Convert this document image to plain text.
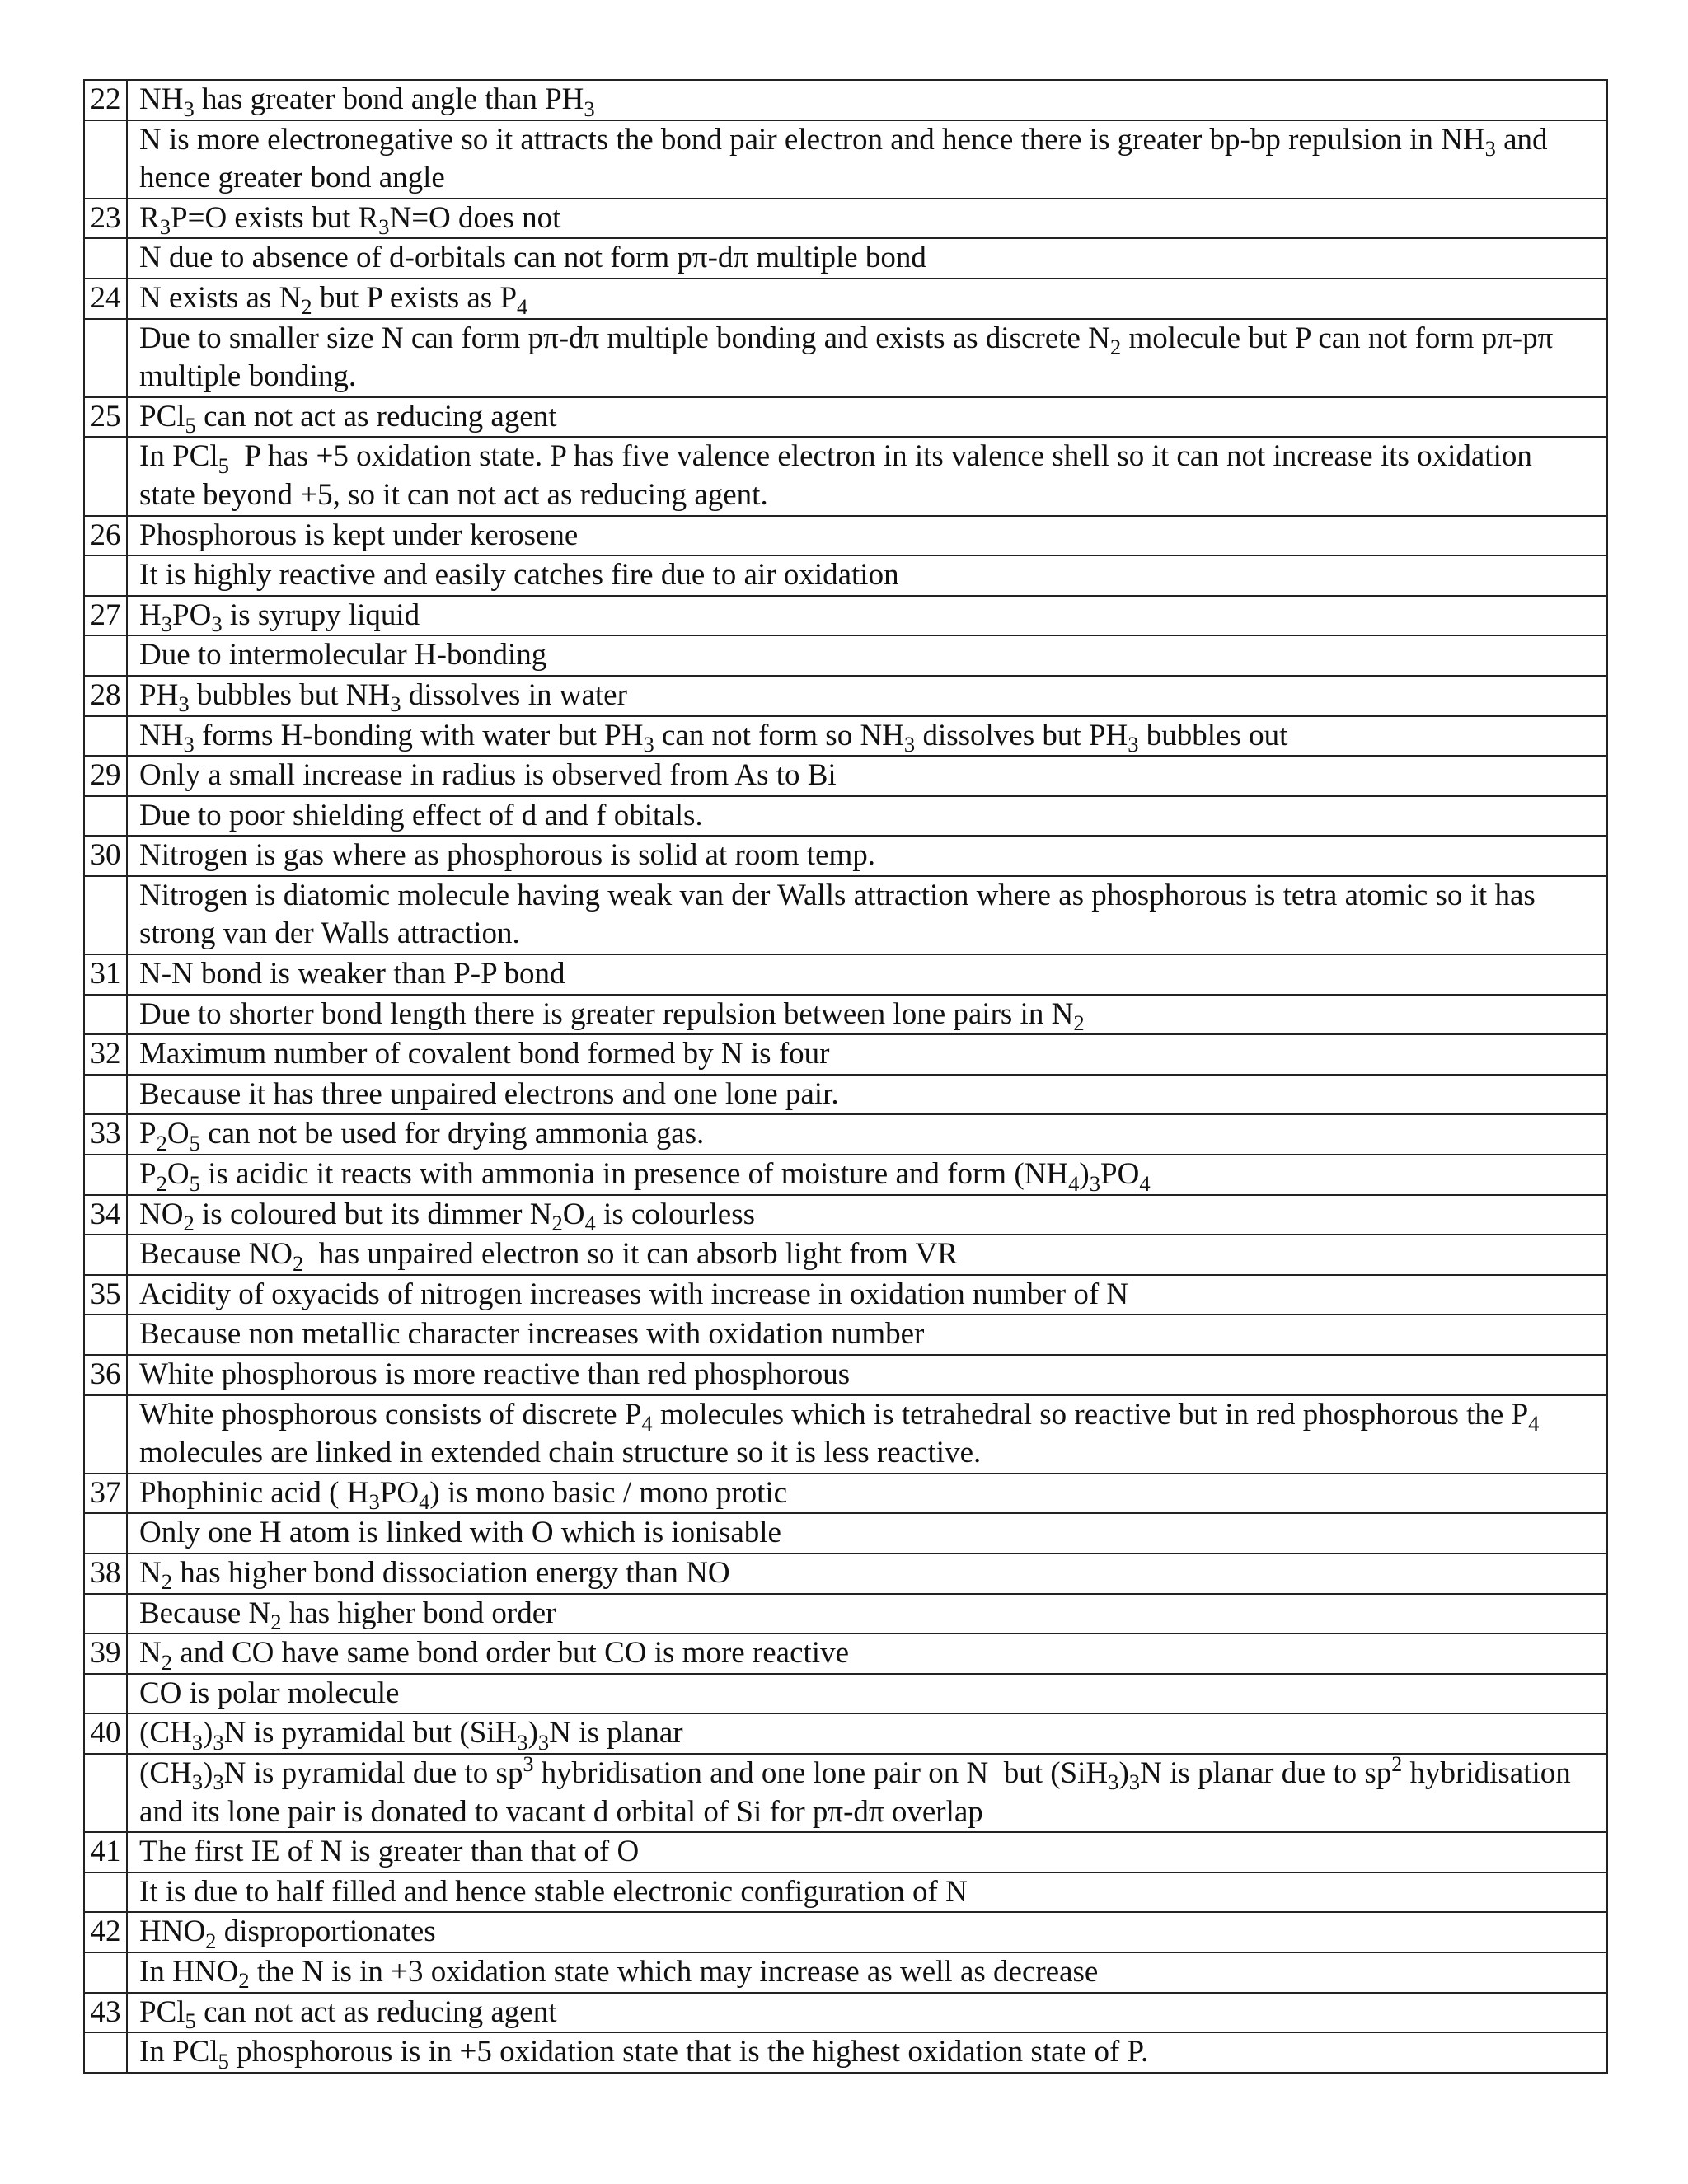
22	$NH_3$ has greater bond angle than $PH_3$
	N is more electronegative so it attracts the bond pair electron and hence there is greater bp-bp repulsion in $NH_3$ and hence greater bond angle
23	$R_3P=O$ exists but $R_3N=O$ does not
	N due to absence of d-orbitals can not form pπ-dπ multiple bond
24	N exists as $N_2$ but P exists as $P_4$
	Due to smaller size N can form pπ-dπ multiple bonding and exists as discrete $N_2$ molecule but P can not form pπ-pπ multiple bonding.
25	PCl$_5$ can not act as reducing agent
	In PCl$_5$  P has +5 oxidation state. P has five valence electron in its valence shell so it can not increase its oxidation state beyond +5, so it can not act as reducing agent.
26	Phosphorous is kept under kerosene
	It is highly reactive and easily catches fire due to air oxidation
27	$H_3PO_3$ is syrupy liquid
	Due to intermolecular H-bonding
28	$PH_3$ bubbles but $NH_3$ dissolves in water
	$NH_3$ forms H-bonding with water but $PH_3$ can not form so $NH_3$ dissolves but $PH_3$ bubbles out
29	Only a small increase in radius is observed from As to Bi
	Due to poor shielding effect of d and f obitals.
30	Nitrogen is gas where as phosphorous is solid at room temp.
	Nitrogen is diatomic molecule having weak van der Walls attraction where as phosphorous is tetra atomic so it has strong van der Walls attraction.
31	N-N bond is weaker than P-P bond
	Due to shorter bond length there is greater repulsion between lone pairs in $N_2$
32	Maximum number of covalent bond formed by N is four
	Because it has three unpaired electrons and one lone pair.
33	$P_2O_5$ can not be used for drying ammonia gas.
	$P_2O_5$ is acidic it reacts with ammonia in presence of moisture and form $(NH_4)_3PO_4$
34	$NO_2$ is coloured but its dimmer $N_2O_4$ is colourless
	Because $NO_2$  has unpaired electron so it can absorb light from VR
35	Acidity of oxyacids of nitrogen increases with increase in oxidation number of N
	Because non metallic character increases with oxidation number
36	White phosphorous is more reactive than red phosphorous
	White phosphorous consists of discrete $P_4$ molecules which is tetrahedral so reactive but in red phosphorous the $P_4$ molecules are linked in extended chain structure so it is less reactive.
37	Phophinic acid ( $H_3PO_4$) is mono basic / mono protic
	Only one H atom is linked with O which is ionisable
38	$N_2$ has higher bond dissociation energy than NO
	Because $N_2$ has higher bond order
39	$N_2$ and CO have same bond order but CO is more reactive
	CO is polar molecule
40	$(CH_3)_3N$ is pyramidal but $(SiH_3)_3N$ is planar
	$(CH_3)_3N$ is pyramidal due to $sp^3$ hybridisation and one lone pair on N  but $(SiH_3)_3N$ is planar due to $sp^2$ hybridisation and its lone pair is donated to vacant d orbital of Si for pπ-dπ overlap
41	The first IE of N is greater than that of O
	It is due to half filled and hence stable electronic configuration of N
42	$HNO_2$ disproportionates
	In $HNO_2$ the N is in +3 oxidation state which may increase as well as decrease
43	PCl$_5$ can not act as reducing agent
	In PCl$_5$ phosphorous is in +5 oxidation state that is the highest oxidation state of P.
